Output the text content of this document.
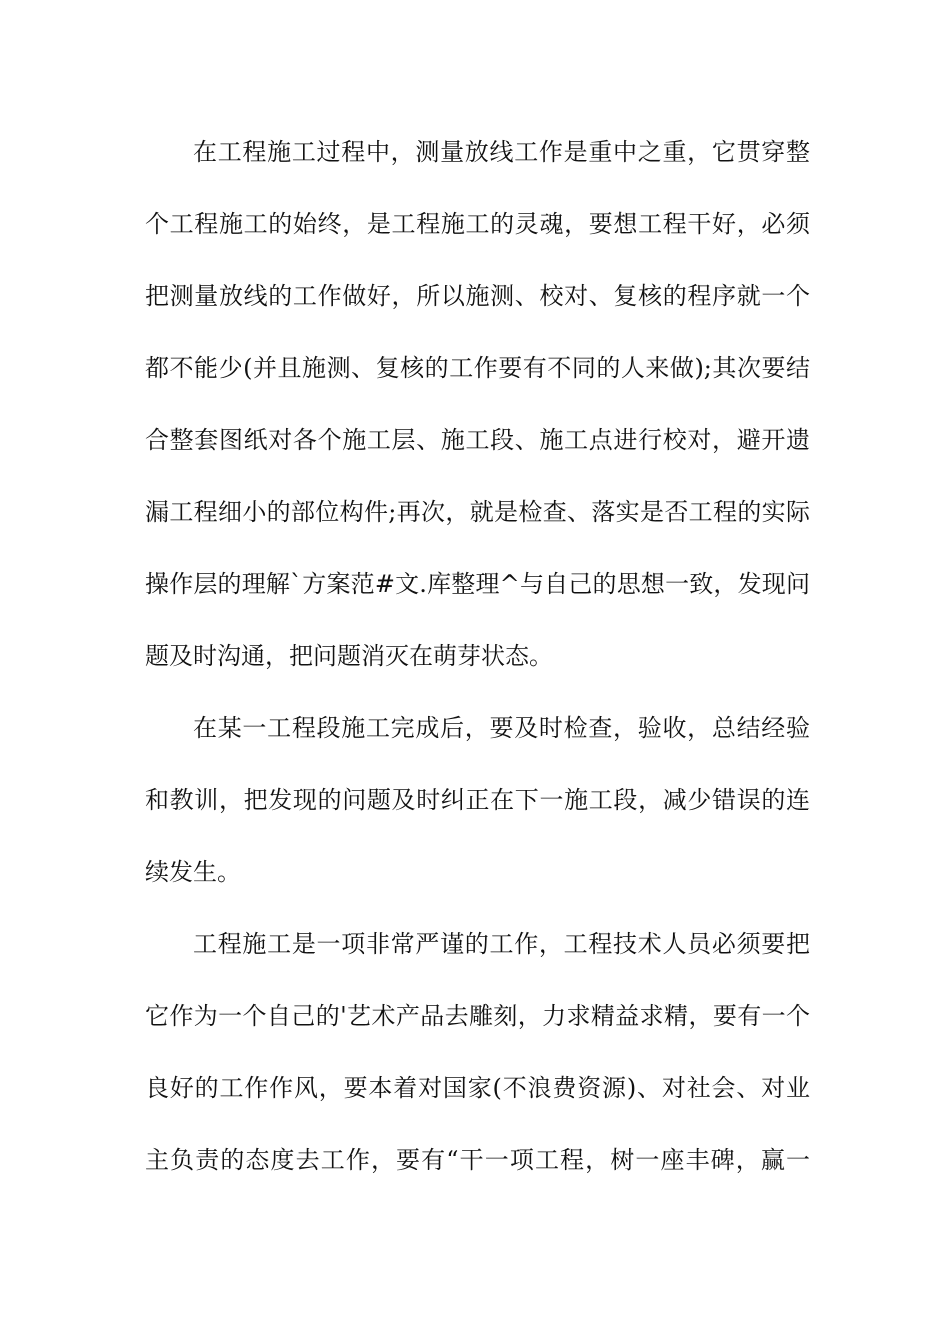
在工程施工过程中，测量放线工作是重中之重，它贯穿整
个工程施工的始终，是工程施工的灵魂，要想工程干好，必须
把测量放线的工作做好，所以施测、校对、复核的程序就一个
都不能少(并且施测、复核的工作要有不同的人来做);其次要结
合整套图纸对各个施工层、施工段、施工点进行校对，避开遗
漏工程细小的部位构件;再次，就是检查、落实是否工程的实际
操作层的理解`方案范#文.库整理^与自己的思想一致，发现问
题及时沟通，把问题消灭在萌芽状态。
在某一工程段施工完成后，要及时检查，验收，总结经验
和教训，把发现的问题及时纠正在下一施工段，减少错误的连
续发生。
工程施工是一项非常严谨的工作，工程技术人员必须要把
它作为一个自己的'艺术产品去雕刻，力求精益求精，要有一个
良好的工作作风，要本着对国家(不浪费资源)、对社会、对业
主负责的态度去工作，要有“干一项工程，树一座丰碑，赢一
